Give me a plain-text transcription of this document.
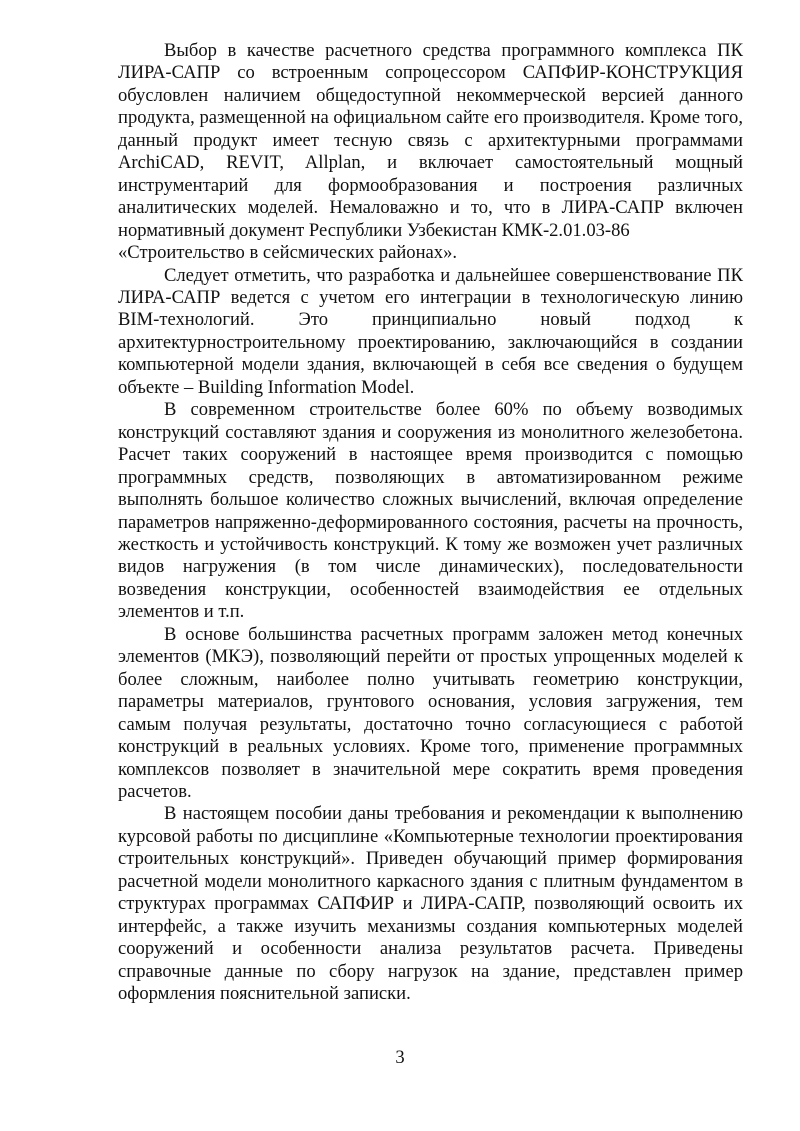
Выбор в качестве расчетного средства программного комплекса ПК ЛИРА-САПР со встроенным сопроцессором САПФИР-КОНСТРУКЦИЯ обусловлен наличием общедоступной некоммерческой версией данного продукта, размещенной на официальном сайте его производителя. Кроме того, данный продукт имеет тесную связь с архитектурными программами ArchiCAD, REVIT, Allplan, и включает самостоятельный мощный инструментарий для формообразования и построения различных аналитических моделей. Немаловажно и то, что в ЛИРА-САПР включен нормативный документ Республики Узбекистан КМК-2.01.03-86
«Строительство в сейсмических районах».

Следует отметить, что разработка и дальнейшее совершенствование ПК ЛИРА-САПР ведется с учетом его интеграции в технологическую линию BIM-технологий. Это принципиально новый подход к архитектурностроительному проектированию, заключающийся в создании компьютерной модели здания, включающей в себя все сведения о будущем объекте – Building Information Model.

В современном строительстве более 60% по объему возводимых конструкций составляют здания и сооружения из монолитного железобетона. Расчет таких сооружений в настоящее время производится с помощью программных средств, позволяющих в автоматизированном режиме выполнять большое количество сложных вычислений, включая определение параметров напряженно-деформированного состояния, расчеты на прочность, жесткость и устойчивость конструкций. К тому же возможен учет различных видов нагружения (в том числе динамических), последовательности возведения конструкции, особенностей взаимодействия ее отдельных элементов и т.п.

В основе большинства расчетных программ заложен метод конечных элементов (МКЭ), позволяющий перейти от простых упрощенных моделей к более сложным, наиболее полно учитывать геометрию конструкции, параметры материалов, грунтового основания, условия загружения, тем самым получая результаты, достаточно точно согласующиеся с работой конструкций в реальных условиях. Кроме того, применение программных комплексов позволяет в значительной мере сократить время проведения расчетов.

В настоящем пособии даны требования и рекомендации к выполнению курсовой работы по дисциплине «Компьютерные технологии проектирования строительных конструкций». Приведен обучающий пример формирования расчетной модели монолитного каркасного здания с плитным фундаментом в структурах программах САПФИР и ЛИРА-САПР, позволяющий освоить их интерфейс, а также изучить механизмы создания компьютерных моделей сооружений и особенности анализа результатов расчета. Приведены справочные данные по сбору нагрузок на здание, представлен пример оформления пояснительной записки.

3
